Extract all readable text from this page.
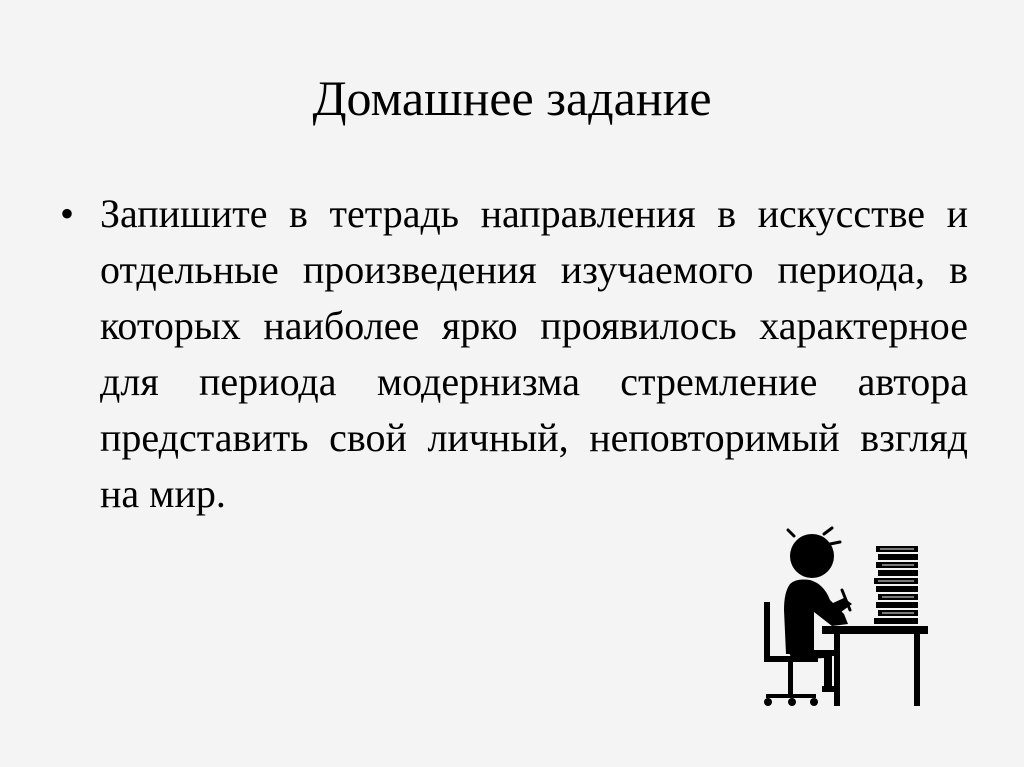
Домашнее задание
• Запишите в тетрадь направления в искусстве и отдельные произведения изучаемого периода, в которых наиболее ярко проявилось характерное для периода модернизма стремление автора представить свой личный, неповторимый взгляд на мир.
